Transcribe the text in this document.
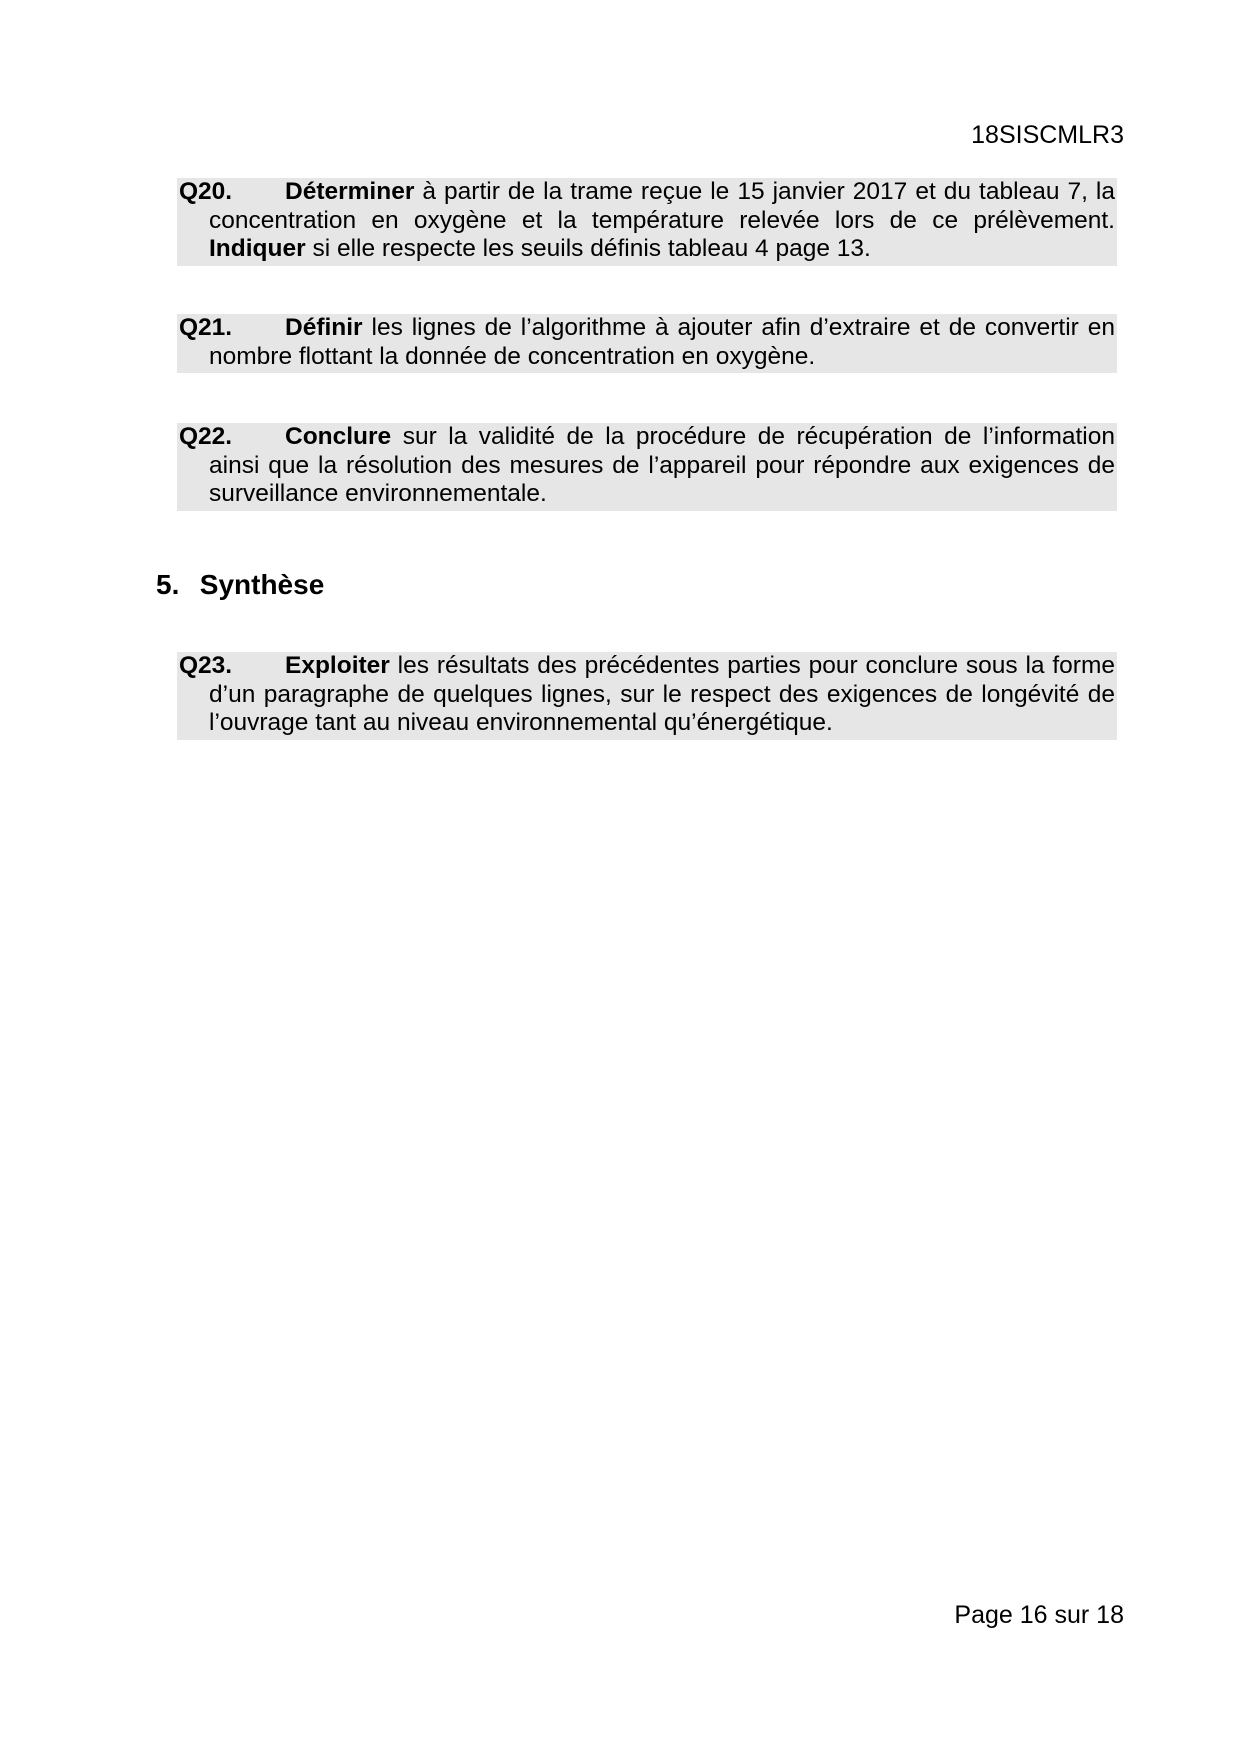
18SISCMLR3
Q20.	Déterminer à partir de la trame reçue le 15 janvier 2017 et du tableau 7, la concentration en oxygène et la température relevée lors de ce prélèvement. Indiquer si elle respecte les seuils définis tableau 4 page 13.
Q21.	Définir les lignes de l’algorithme à ajouter afin d’extraire et de convertir en nombre flottant la donnée de concentration en oxygène.
Q22.	Conclure sur la validité de la procédure de récupération de l’information ainsi que la résolution des mesures de l’appareil pour répondre aux exigences de surveillance environnementale.
5. Synthèse
Q23.	Exploiter les résultats des précédentes parties pour conclure sous la forme d’un paragraphe de quelques lignes, sur le respect des exigences de longévité de l’ouvrage tant au niveau environnemental qu’énergétique.
Page 16 sur 18
